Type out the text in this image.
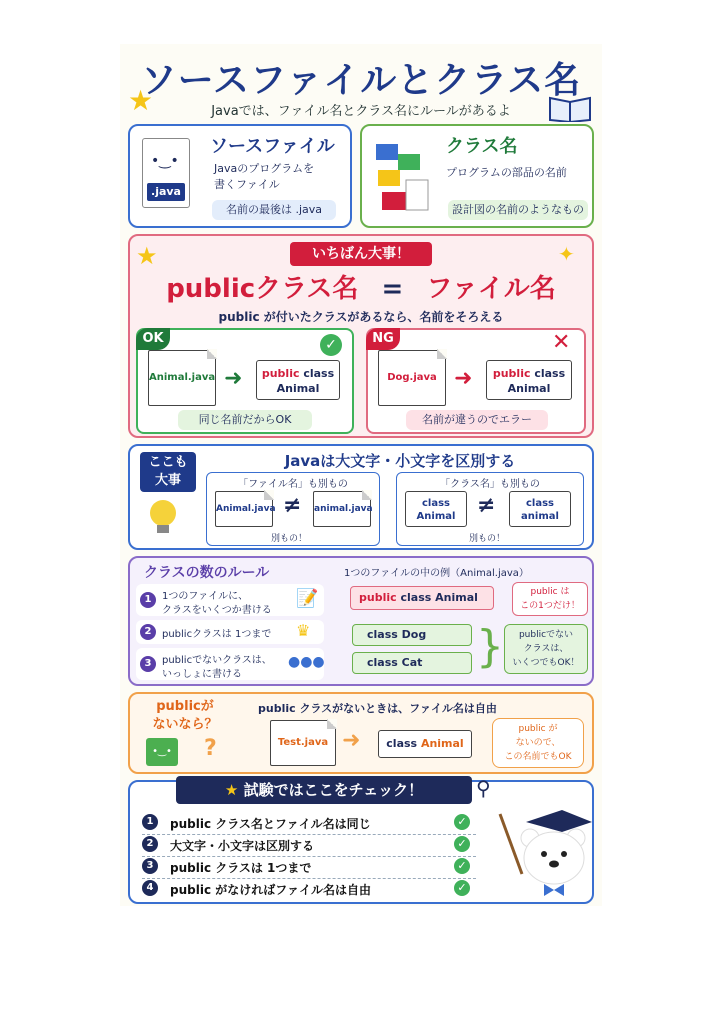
ソースファイルとクラス名
Javaでは、ファイル名とクラス名にルールがあるよ
★
•‿•
.java
ソースファイル
Javaのプログラムを
書くファイル
名前の最後は .java
クラス名
プログラムの部品の名前
設計図の名前のようなもの
★	✦
いちばん大事！
publicクラス名 = ファイル名
public が付いたクラスがあるなら、名前をそろえる
OK	✓
Animal.java ➜	public class
Animal
同じ名前だからOK
NG	✕
Dog.java ➜	public class
Animal
名前が違うのでエラー
ここも
大事
Javaは大文字・小文字を区別する
「ファイル名」も別もの
Animal.java ≠ animal.java
別もの！
「クラス名」も別もの
class
Animal ≠	class
animal
別もの！
クラスの数のルール
1	1つのファイルに、
クラスをいくつか書ける
📝
2	publicクラスは 1つまで ♛
3	publicでないクラスは、
いっしょに書ける
●●●
1つのファイルの中の例（Animal.java）
public class Animal	public は
この1つだけ！
class Dog
class Cat	}	publicでない
クラスは、
いくつでもOK！
publicが
ないなら？
•‿• ?
public クラスがないときは、ファイル名は自由
Test.java ➜	class Animal
public が
ないので、
この名前でもOK
★ 試験ではここをチェック！	⚲
1	public クラス名とファイル名は同じ	✓
2	大文字・小文字は区別する	✓
3	public クラスは 1つまで	✓
4	public がなければファイル名は自由	✓
